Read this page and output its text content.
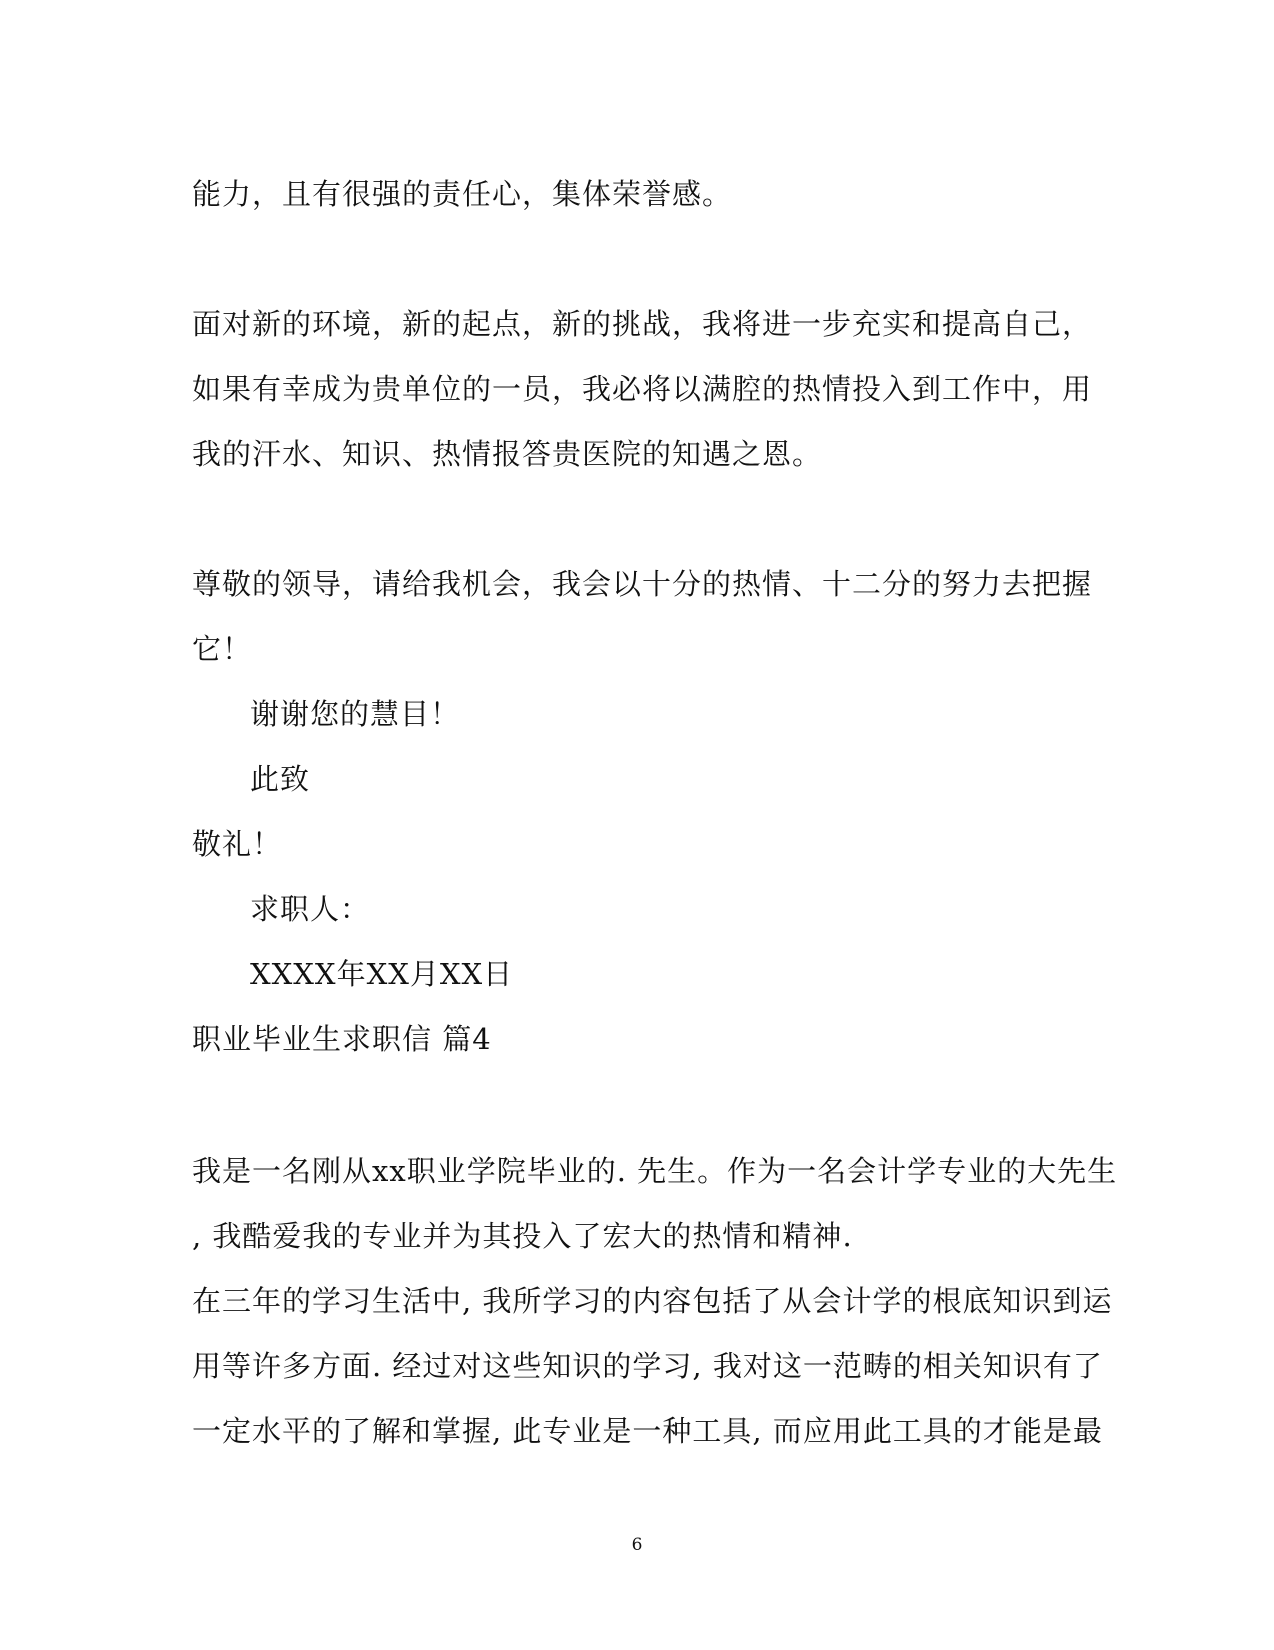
能力，且有很强的责任心，集体荣誉感。
面对新的环境，新的起点，新的挑战，我将进一步充实和提高自己，
如果有幸成为贵单位的一员，我必将以满腔的热情投入到工作中，用
我的汗水、知识、热情报答贵医院的知遇之恩。
尊敬的领导，请给我机会，我会以十分的热情、十二分的努力去把握
它！
谢谢您的慧目！
此致
敬礼！
求职人：
XXXX年XX月XX日
职业毕业生求职信 篇4
我是一名刚从xx职业学院毕业的. 先生。作为一名会计学专业的大先生
, 我酷爱我的专业并为其投入了宏大的热情和精神.
在三年的学习生活中, 我所学习的内容包括了从会计学的根底知识到运
用等许多方面. 经过对这些知识的学习, 我对这一范畴的相关知识有了
一定水平的了解和掌握, 此专业是一种工具, 而应用此工具的才能是最
6
